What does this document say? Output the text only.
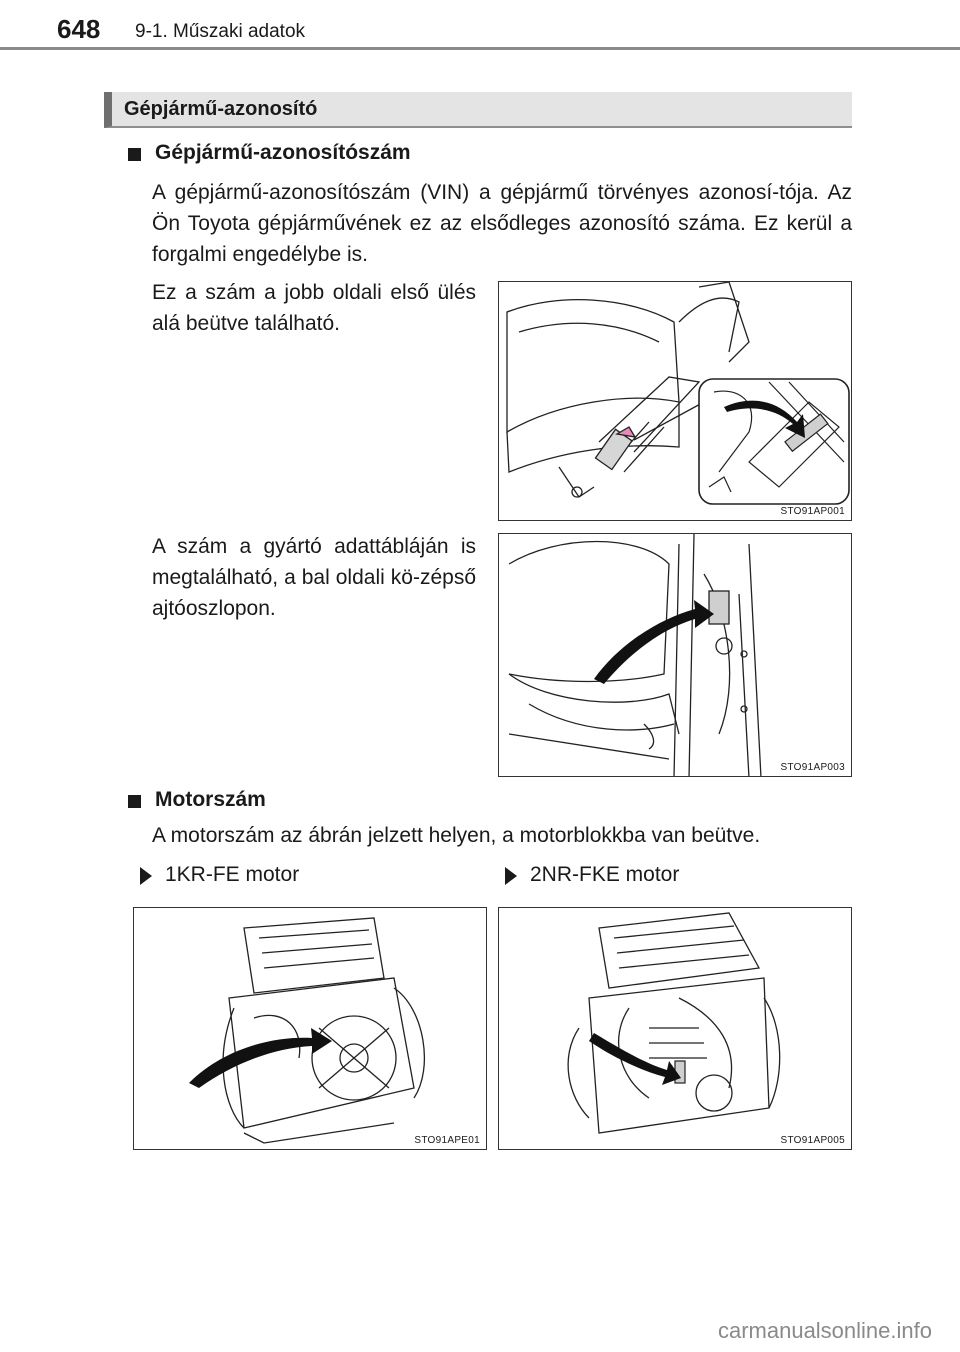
648 9-1. Műszaki adatok
Gépjármű-azonosító
Gépjármű-azonosítószám
A gépjármű-azonosítószám (VIN) a gépjármű törvényes azonosí-tója. Az Ön Toyota gépjárművének ez az elsődleges azonosító száma. Ez kerül a forgalmi engedélybe is.
Ez a szám a jobb oldali első ülés alá beütve található.
STO91AP001
A szám a gyártó adattábláján is megtalálható, a bal oldali kö-zépső ajtóoszlopon.
STO91AP003
Motorszám
A motorszám az ábrán jelzett helyen, a motorblokkba van beütve.
1KR-FE motor	2NR-FKE motor
STO91APE01	STO91AP005
carmanualsonline.info
